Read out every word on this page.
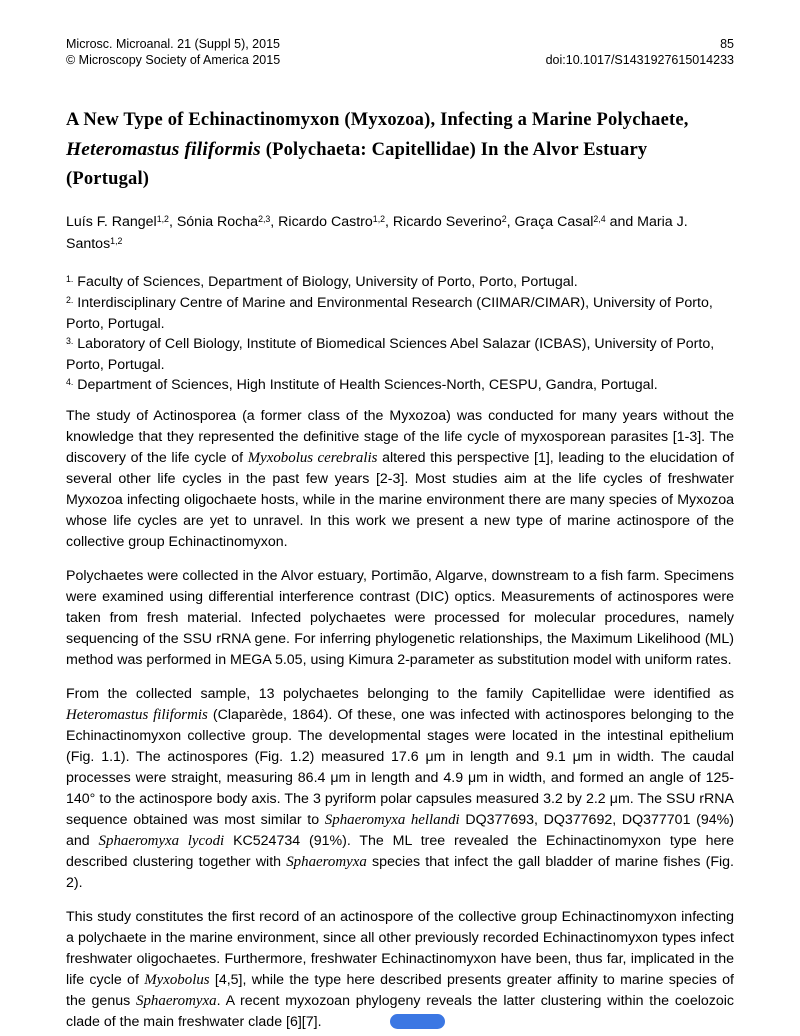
Microsc. Microanal. 21 (Suppl 5), 2015
© Microscopy Society of America 2015
85
doi:10.1017/S1431927615014233
A New Type of Echinactinomyxon (Myxozoa), Infecting a Marine Polychaete,
Heteromastus filiformis (Polychaeta: Capitellidae) In the Alvor Estuary (Portugal)
Luís F. Rangel$^{1,2}$, Sónia Rocha$^{2,3}$, Ricardo Castro$^{1,2}$, Ricardo Severino$^2$, Graça Casal$^{2,4}$ and Maria J. Santos$^{1,2}$
$^{1.}$ Faculty of Sciences, Department of Biology, University of Porto, Porto, Portugal.
$^{2.}$ Interdisciplinary Centre of Marine and Environmental Research (CIIMAR/CIMAR), University of Porto, Porto, Portugal.
$^{3.}$ Laboratory of Cell Biology, Institute of Biomedical Sciences Abel Salazar (ICBAS), University of Porto, Porto, Portugal.
$^{4.}$ Department of Sciences, High Institute of Health Sciences-North, CESPU, Gandra, Portugal.
The study of Actinosporea (a former class of the Myxozoa) was conducted for many years without the knowledge that they represented the definitive stage of the life cycle of myxosporean parasites [1-3]. The discovery of the life cycle of Myxobolus cerebralis altered this perspective [1], leading to the elucidation of several other life cycles in the past few years [2-3]. Most studies aim at the life cycles of freshwater Myxozoa infecting oligochaete hosts, while in the marine environment there are many species of Myxozoa whose life cycles are yet to unravel. In this work we present a new type of marine actinospore of the collective group Echinactinomyxon.
Polychaetes were collected in the Alvor estuary, Portimão, Algarve, downstream to a fish farm. Specimens were examined using differential interference contrast (DIC) optics. Measurements of actinospores were taken from fresh material. Infected polychaetes were processed for molecular procedures, namely sequencing of the SSU rRNA gene. For inferring phylogenetic relationships, the Maximum Likelihood (ML) method was performed in MEGA 5.05, using Kimura 2-parameter as substitution model with uniform rates.
From the collected sample, 13 polychaetes belonging to the family Capitellidae were identified as Heteromastus filiformis (Claparède, 1864). Of these, one was infected with actinospores belonging to the Echinactinomyxon collective group. The developmental stages were located in the intestinal epithelium (Fig. 1.1). The actinospores (Fig. 1.2) measured 17.6 μm in length and 9.1 μm in width. The caudal processes were straight, measuring 86.4 μm in length and 4.9 μm in width, and formed an angle of 125-140° to the actinospore body axis. The 3 pyriform polar capsules measured 3.2 by 2.2 μm. The SSU rRNA sequence obtained was most similar to Sphaeromyxa hellandi DQ377693, DQ377692, DQ377701 (94%) and Sphaeromyxa lycodi KC524734 (91%). The ML tree revealed the Echinactinomyxon type here described clustering together with Sphaeromyxa species that infect the gall bladder of marine fishes (Fig. 2).
This study constitutes the first record of an actinospore of the collective group Echinactinomyxon infecting a polychaete in the marine environment, since all other previously recorded Echinactinomyxon types infect freshwater oligochaetes. Furthermore, freshwater Echinactinomyxon have been, thus far, implicated in the life cycle of Myxobolus [4,5], while the type here described presents greater affinity to marine species of the genus Sphaeromyxa. A recent myxozoan phylogeny reveals the latter clustering within the coelozoic clade of the main freshwater clade [6][7].
